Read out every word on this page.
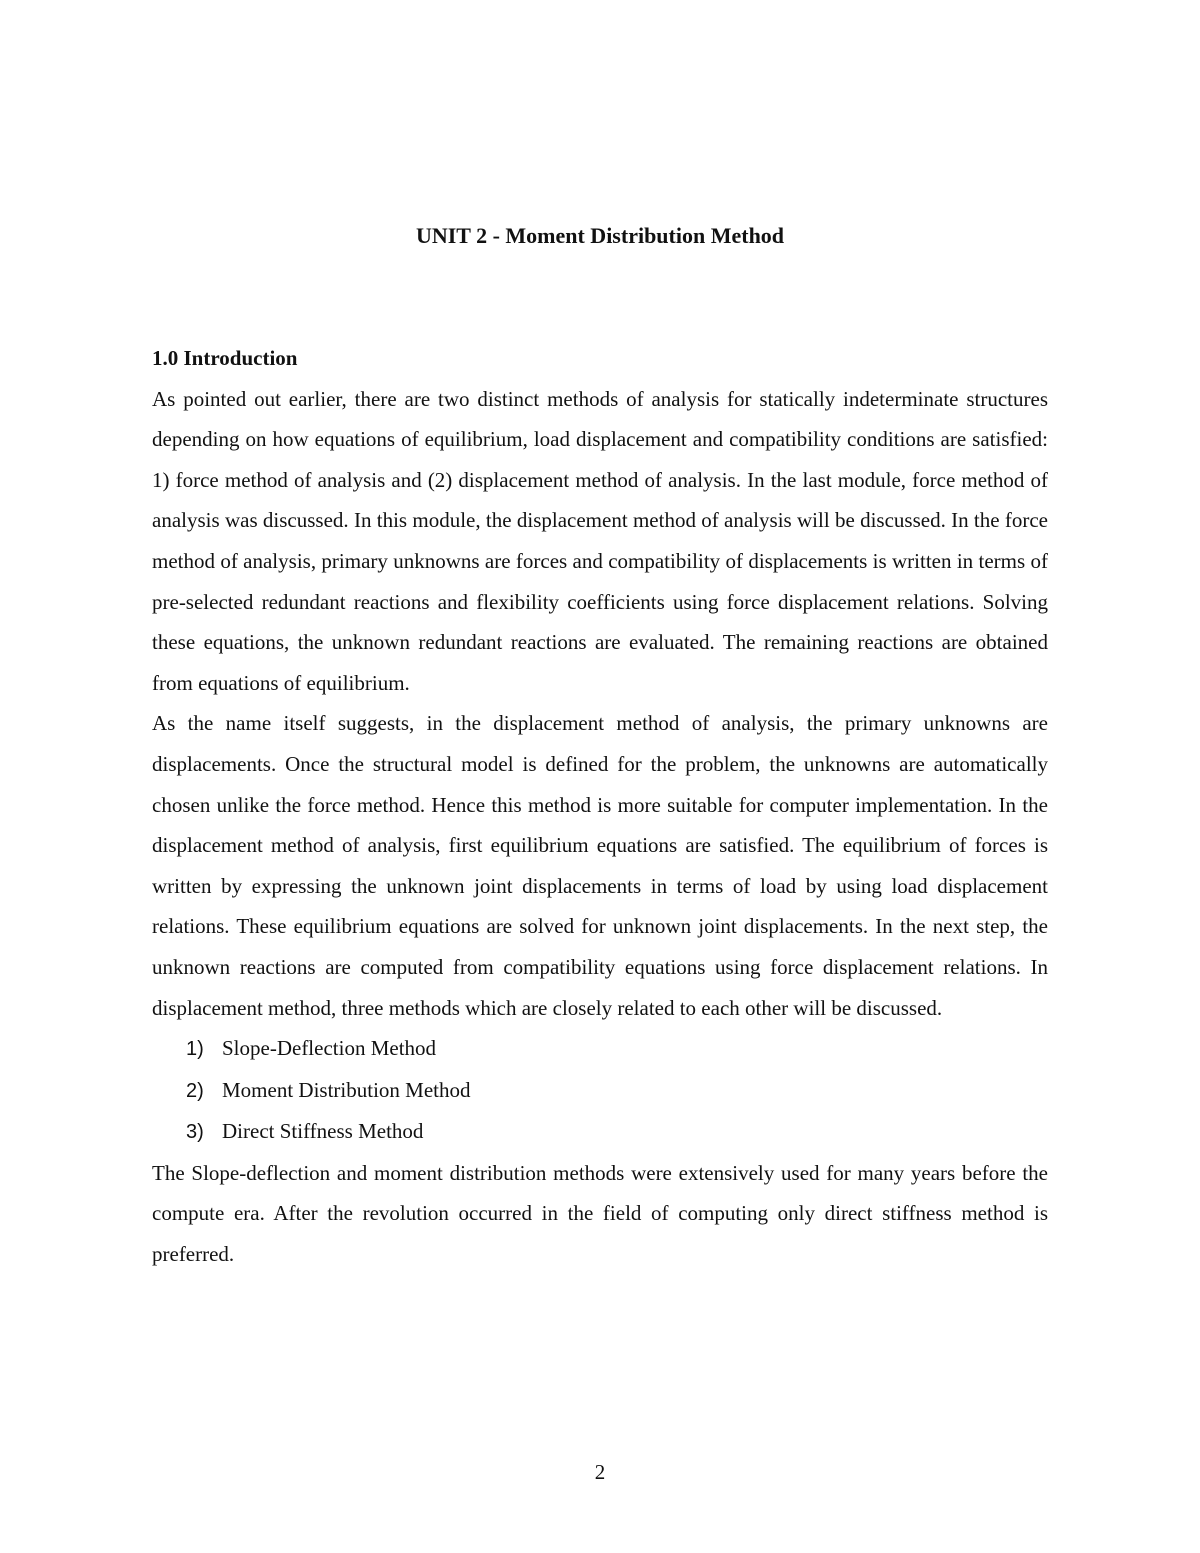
UNIT 2 - Moment Distribution Method
1.0 Introduction

As pointed out earlier, there are two distinct methods of analysis for statically indeterminate structures depending on how equations of equilibrium, load displacement and compatibility conditions are satisfied: 1) force method of analysis and (2) displacement method of analysis. In the last module, force method of analysis was discussed. In this module, the displacement method of analysis will be discussed. In the force method of analysis, primary unknowns are forces and compatibility of displacements is written in terms of pre-selected redundant reactions and flexibility coefficients using force displacement relations. Solving these equations, the unknown redundant reactions are evaluated. The remaining reactions are obtained from equations of equilibrium.

As the name itself suggests, in the displacement method of analysis, the primary unknowns are displacements. Once the structural model is defined for the problem, the unknowns are automatically chosen unlike the force method. Hence this method is more suitable for computer implementation. In the displacement method of analysis, first equilibrium equations are satisfied. The equilibrium of forces is written by expressing the unknown joint displacements in terms of load by using load displacement relations. These equilibrium equations are solved for unknown joint displacements. In the next step, the unknown reactions are computed from compatibility equations using force displacement relations. In displacement method, three methods which are closely related to each other will be discussed.

1) Slope-Deflection Method
2) Moment Distribution Method
3) Direct Stiffness Method

The Slope-deflection and moment distribution methods were extensively used for many years before the compute era. After the revolution occurred in the field of computing only direct stiffness method is preferred.

2
